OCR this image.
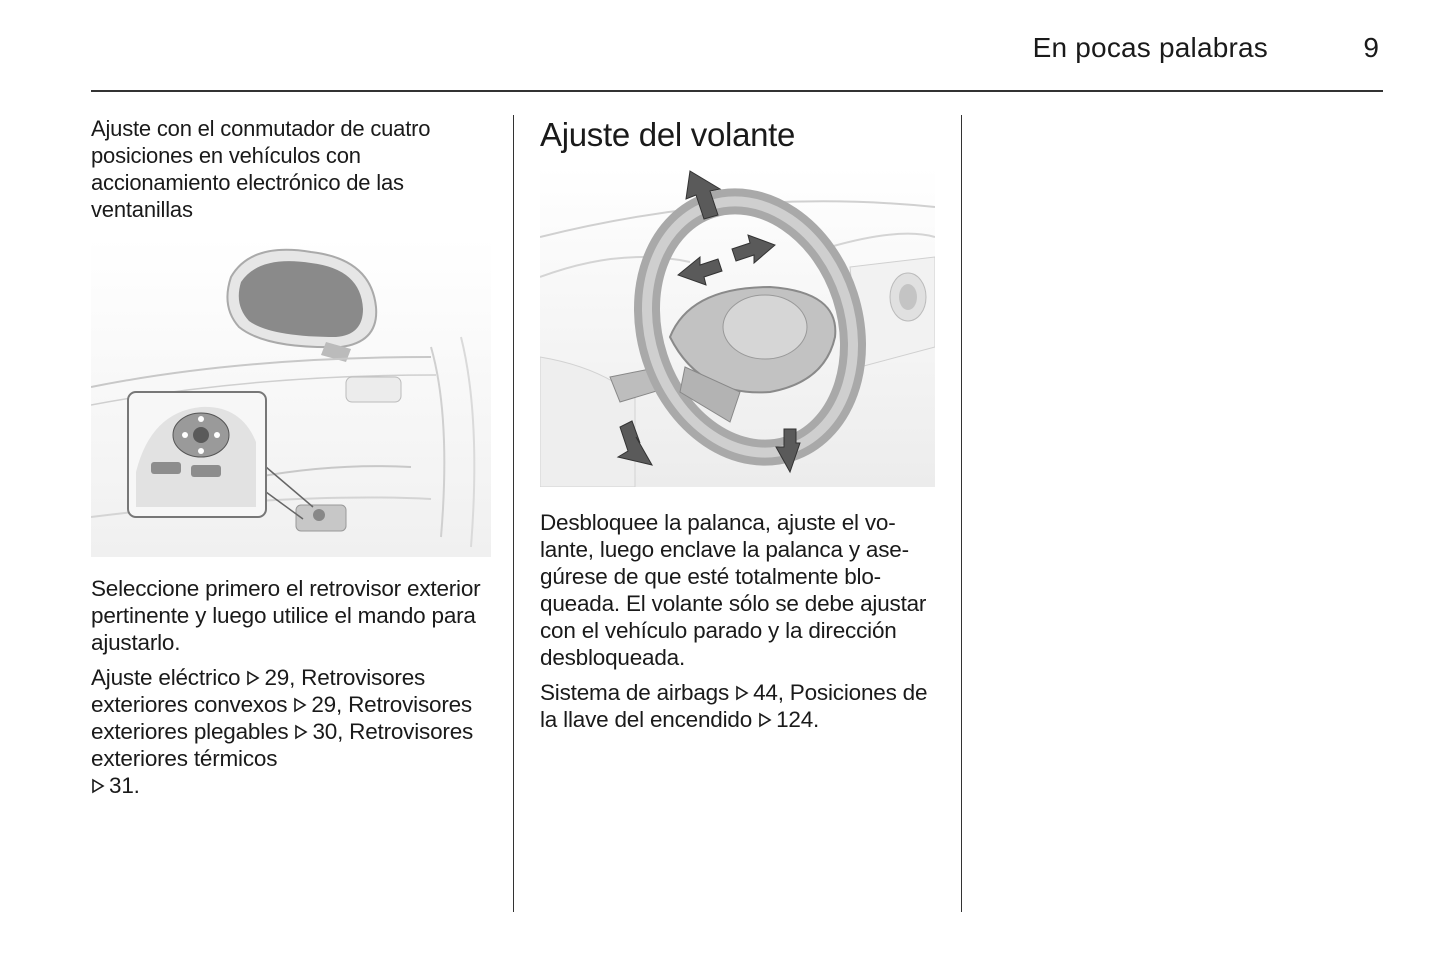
En pocas palabras	9
Ajuste con el conmutador de cuatro posiciones en vehículos con accionamiento electrónico de las ventanillas

Seleccione primero el retrovisor exterior pertinente y luego utilice el mando para ajustarlo.

Ajuste eléctrico 29, Retrovisores exteriores convexos 29, Retrovisores exteriores plegables 30, Retrovisores exteriores térmicos
31.

Ajuste del volante

Desbloquee la palanca, ajuste el volante, luego enclave la palanca y asegúrese de que esté totalmente bloqueada. El volante sólo se debe ajustar con el vehículo parado y la dirección desbloqueada.

Sistema de airbags 44, Posiciones de la llave del encendido 124.
